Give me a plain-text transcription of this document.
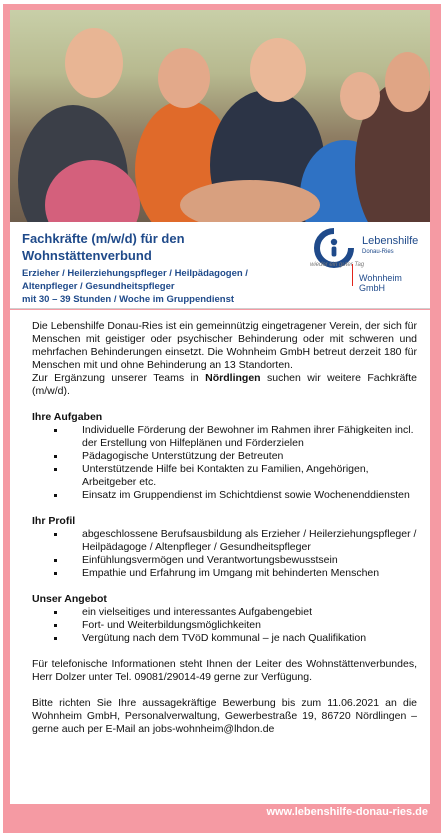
Fachkräfte (m/w/d) für den
Wohnstättenverbund
Erzieher / Heilerziehungspfleger / Heilpädagogen /
Altenpfleger / Gesundheitspfleger
mit 30 – 39 Stunden / Woche im Gruppendienst
Lebenshilfe
Donau-Ries
wieder ein guter Tag
Wohnheim GmbH

Die Lebenshilfe Donau-Ries ist ein gemeinnützig eingetragener Verein, der sich für Menschen mit geistiger oder psychischer Behinderung oder mit schweren und mehrfachen Behinderungen einsetzt. Die Wohnheim GmbH betreut derzeit 180 für Menschen mit und ohne Behinderung an 13 Standorten.

Zur Ergänzung unserer Teams in Nördlingen suchen wir weitere Fachkräfte (m/w/d).

Ihre Aufgaben
Individuelle Förderung der Bewohner im Rahmen ihrer Fähigkeiten incl. der Erstellung von Hilfeplänen und Förderzielen
Pädagogische Unterstützung der Betreuten
Unterstützende Hilfe bei Kontakten zu Familien, Angehörigen, Arbeitgeber etc.
Einsatz im Gruppendienst im Schichtdienst sowie Wochenenddiensten
Ihr Profil
abgeschlossene Berufsausbildung als Erzieher / Heilerziehungspfleger / Heilpädagoge / Altenpfleger / Gesundheitspfleger
Einfühlungsvermögen und Verantwortungsbewusstsein
Empathie und Erfahrung im Umgang mit behinderten Menschen
Unser Angebot
ein vielseitiges und interessantes Aufgabengebiet
Fort- und Weiterbildungsmöglichkeiten
Vergütung nach dem TVöD kommunal – je nach Qualifikation

Für telefonische Informationen steht Ihnen der Leiter des Wohnstättenverbundes, Herr Dolzer unter Tel. 09081/29014-49 gerne zur Verfügung.

Bitte richten Sie Ihre aussagekräftige Bewerbung bis zum 11.06.2021 an die Wohnheim GmbH, Personalverwaltung, Gewerbestraße 19, 86720 Nördlingen – gerne auch per E-Mail an jobs-wohnheim@lhdon.de

www.lebenshilfe-donau-ries.de
